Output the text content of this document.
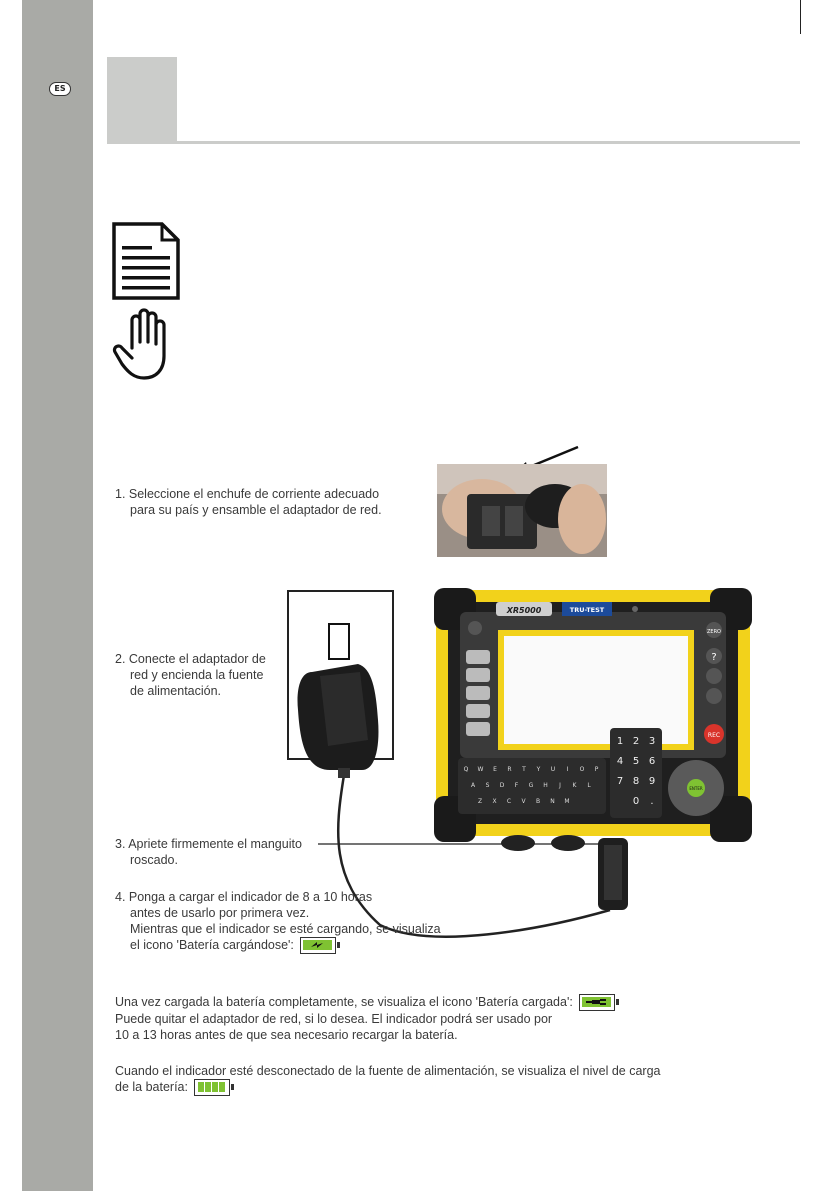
ES
XR5000	TRU-TEST
ZERO
?
REC
Q W E R T Y U I O P
A S D F G H J K L
Z X C V B N M
1 2 3
4 5 6
7 8 9
0 .
ENTER
1. Seleccione el enchufe de corriente adecuado
para su país y ensamble el adaptador de red.
2. Conecte el adaptador de
red y encienda la fuente
de alimentación.
3. Apriete firmemente el manguito
roscado.
4. Ponga a cargar el indicador de 8 a 10 horas
antes de usarlo por primera vez.
Mientras que el indicador se esté cargando, se visualiza
el icono 'Batería cargándose':
Una vez cargada la batería completamente, se visualiza el icono 'Batería cargada':
Puede quitar el adaptador de red, si lo desea. El indicador podrá ser usado por
10 a 13 horas antes de que sea necesario recargar la batería.
Cuando el indicador esté desconectado de la fuente de alimentación, se visualiza el nivel de carga
de la batería:
